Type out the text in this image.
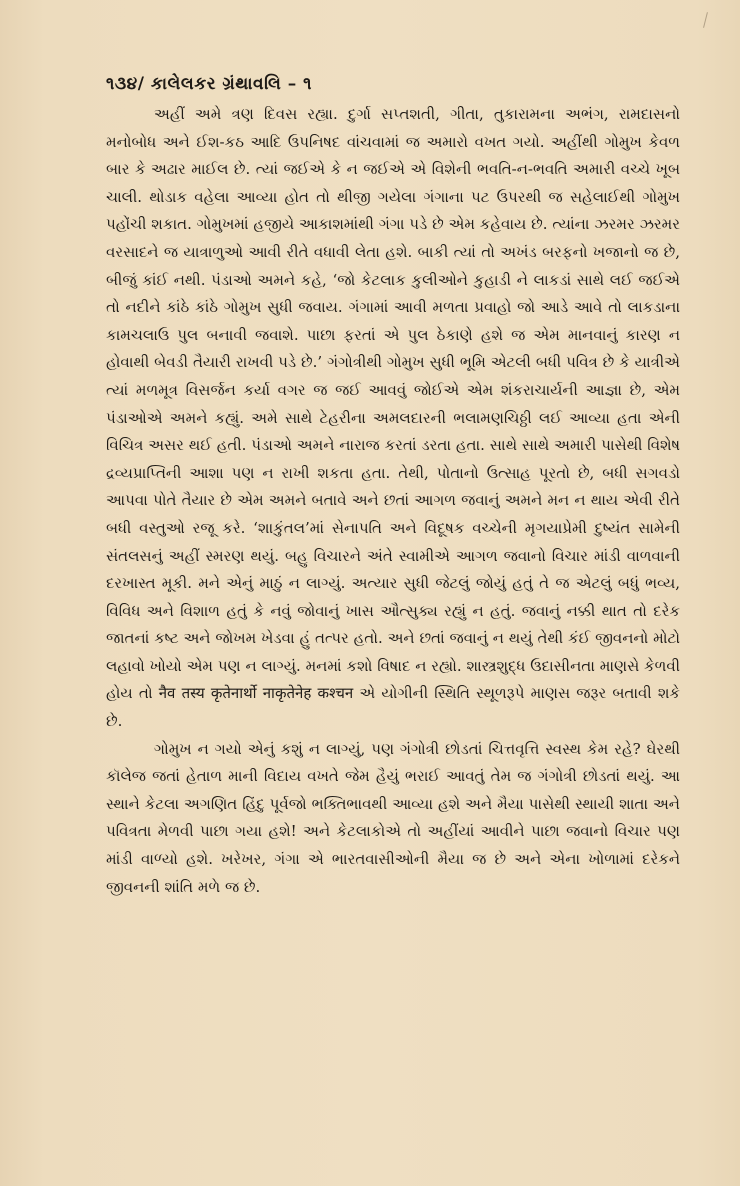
૧૩૪/ કાલેલકર ગ્રંથાવલિ – ૧

અહીં અમે ત્રણ દિવસ રહ્યા. દુર્ગા સપ્તશતી, ગીતા, તુકારામના અભંગ, રામદાસનો મનોબોધ અને ઈશ-કઠ આદિ ઉપનિષદ વાંચવામાં જ અમારો વખત ગયો. અહીંથી ગોમુખ કેવળ બાર કે અઢાર માઈલ છે. ત્યાં જઈએ કે ન જઈએ એ વિશેની ભવતિ-ન-ભવતિ અમારી વચ્ચે ખૂબ ચાલી. થોડાક વહેલા આવ્યા હોત તો થીજી ગયેલા ગંગાના પટ ઉપરથી જ સહેલાઈથી ગોમુખ પહોંચી શકાત. ગોમુખમાં હજીયે આકાશમાંથી ગંગા પડે છે એમ કહેવાય છે. ત્યાંના ઝરમર ઝરમર વરસાદને જ યાત્રાળુઓ આવી રીતે વધાવી લેતા હશે. બાકી ત્યાં તો અખંડ બરફનો ખજાનો જ છે, બીજું કાંઈ નથી. પંડાઓ અમને કહે, ‘જો કેટલાક કુલીઓને કુહાડી ને લાકડાં સાથે લઈ જઈએ તો નદીને કાંઠે કાંઠે ગોમુખ સુધી જવાય. ગંગામાં આવી મળતા પ્રવાહો જો આડે આવે તો લાકડાના કામચલાઉ પુલ બનાવી જવાશે. પાછા ફરતાં એ પુલ ઠેકાણે હશે જ એમ માનવાનું કારણ ન હોવાથી બેવડી તૈયારી રાખવી પડે છે.’ ગંગોત્રીથી ગોમુખ સુધી ભૂમિ એટલી બધી પવિત્ર છે કે યાત્રીએ ત્યાં મળમૂત્ર વિસર્જન કર્યા વગર જ જઈ આવવું જોઈએ એમ શંકરાચાર્યની આજ્ઞા છે, એમ પંડાઓએ અમને કહ્યું. અમે સાથે ટેહરીના અમલદારની ભલામણચિઠ્ઠી લઈ આવ્યા હતા એની વિચિત્ર અસર થઈ હતી. પંડાઓ અમને નારાજ કરતાં ડરતા હતા. સાથે સાથે અમારી પાસેથી વિશેષ દ્રવ્યપ્રાપ્તિની આશા પણ ન રાખી શકતા હતા. તેથી, પોતાનો ઉત્સાહ પૂરતો છે, બધી સગવડો આપવા પોતે તૈયાર છે એમ અમને બતાવે અને છતાં આગળ જવાનું અમને મન ન થાય એવી રીતે બધી વસ્તુઓ રજૂ કરે. ‘શાકુંતલ’માં સેનાપતિ અને વિદૂષક વચ્ચેની મૃગયાપ્રેમી દુષ્યંત સામેની સંતલસનું અહીં સ્મરણ થયું. બહુ વિચારને અંતે સ્વામીએ આગળ જવાનો વિચાર માંડી વાળવાની દરખાસ્ત મૂકી. મને એનું માઠું ન લાગ્યું. અત્યાર સુધી જેટલું જોયું હતું તે જ એટલું બધું ભવ્ય, વિવિધ અને વિશાળ હતું કે નવું જોવાનું ખાસ ઔત્સુક્ય રહ્યું ન હતું. જવાનું નક્કી થાત તો દરેક જાતનાં કષ્ટ અને જોખમ ખેડવા હું તત્પર હતો. અને છતાં જવાનું ન થયું તેથી કંઈ જીવનનો મોટો લહાવો ખોયો એમ પણ ન લાગ્યું. મનમાં કશો વિષાદ ન રહ્યો. શાસ્ત્રશુદ્ધ ઉદાસીનતા માણસે કેળવી હોય તો नैव तस्य कृतेनार्थो नाकृतेनेह कश्चन એ યોગીની સ્થિતિ સ્થૂળરૂપે માણસ જરૂર બતાવી શકે છે.

ગોમુખ ન ગયો એનું કશું ન લાગ્યું, પણ ગંગોત્રી છોડતાં ચિત્તવૃત્તિ સ્વસ્થ કેમ રહે? ઘેરથી કૉલેજ જતાં હેતાળ માની વિદાય વખતે જેમ હૈયું ભરાઈ આવતું તેમ જ ગંગોત્રી છોડતાં થયું. આ સ્થાને કેટલા અગણિત હિંદુ પૂર્વજો ભક્તિભાવથી આવ્યા હશે અને મૈયા પાસેથી સ્થાયી શાતા અને પવિત્રતા મેળવી પાછા ગયા હશે! અને કેટલાકોએ તો અહીંયાં આવીને પાછા જવાનો વિચાર પણ માંડી વાળ્યો હશે. ખરેખર, ગંગા એ ભારતવાસીઓની મૈયા જ છે અને એના ખોળામાં દરેકને જીવનની શાંતિ મળે જ છે.
